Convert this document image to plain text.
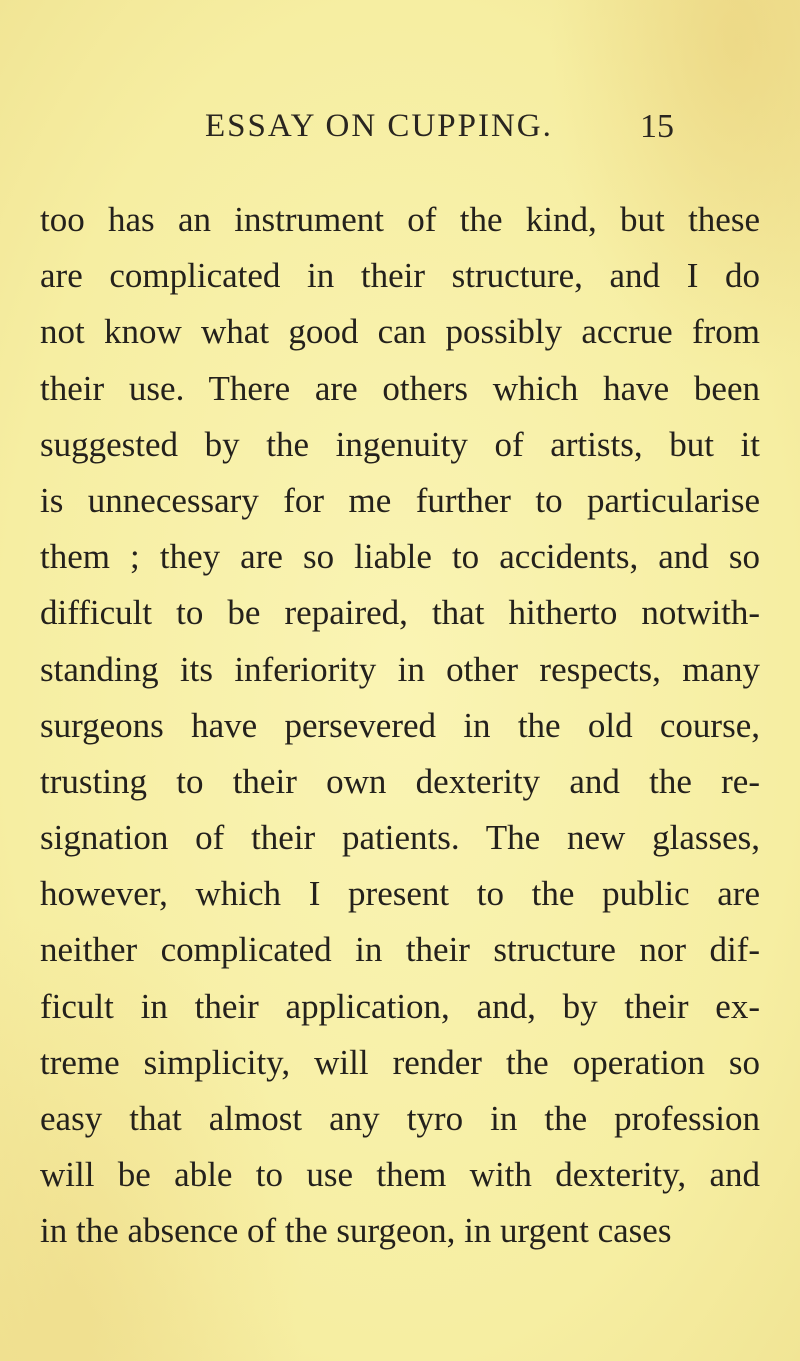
ESSAY ON CUPPING.	15
too has an instrument of the kind, but these
are complicated in their structure, and I do
not know what good can possibly accrue from
their use. There are others which have been
suggested by the ingenuity of artists, but it
is unnecessary for me further to particularise
them ; they are so liable to accidents, and so
difficult to be repaired, that hitherto notwith-
standing its inferiority in other respects, many
surgeons have persevered in the old course,
trusting to their own dexterity and the re-
signation of their patients. The new glasses,
however, which I present to the public are
neither complicated in their structure nor dif-
ficult in their application, and, by their ex-
treme simplicity, will render the operation so
easy that almost any tyro in the profession
will be able to use them with dexterity, and
in the absence of the surgeon, in urgent cases
